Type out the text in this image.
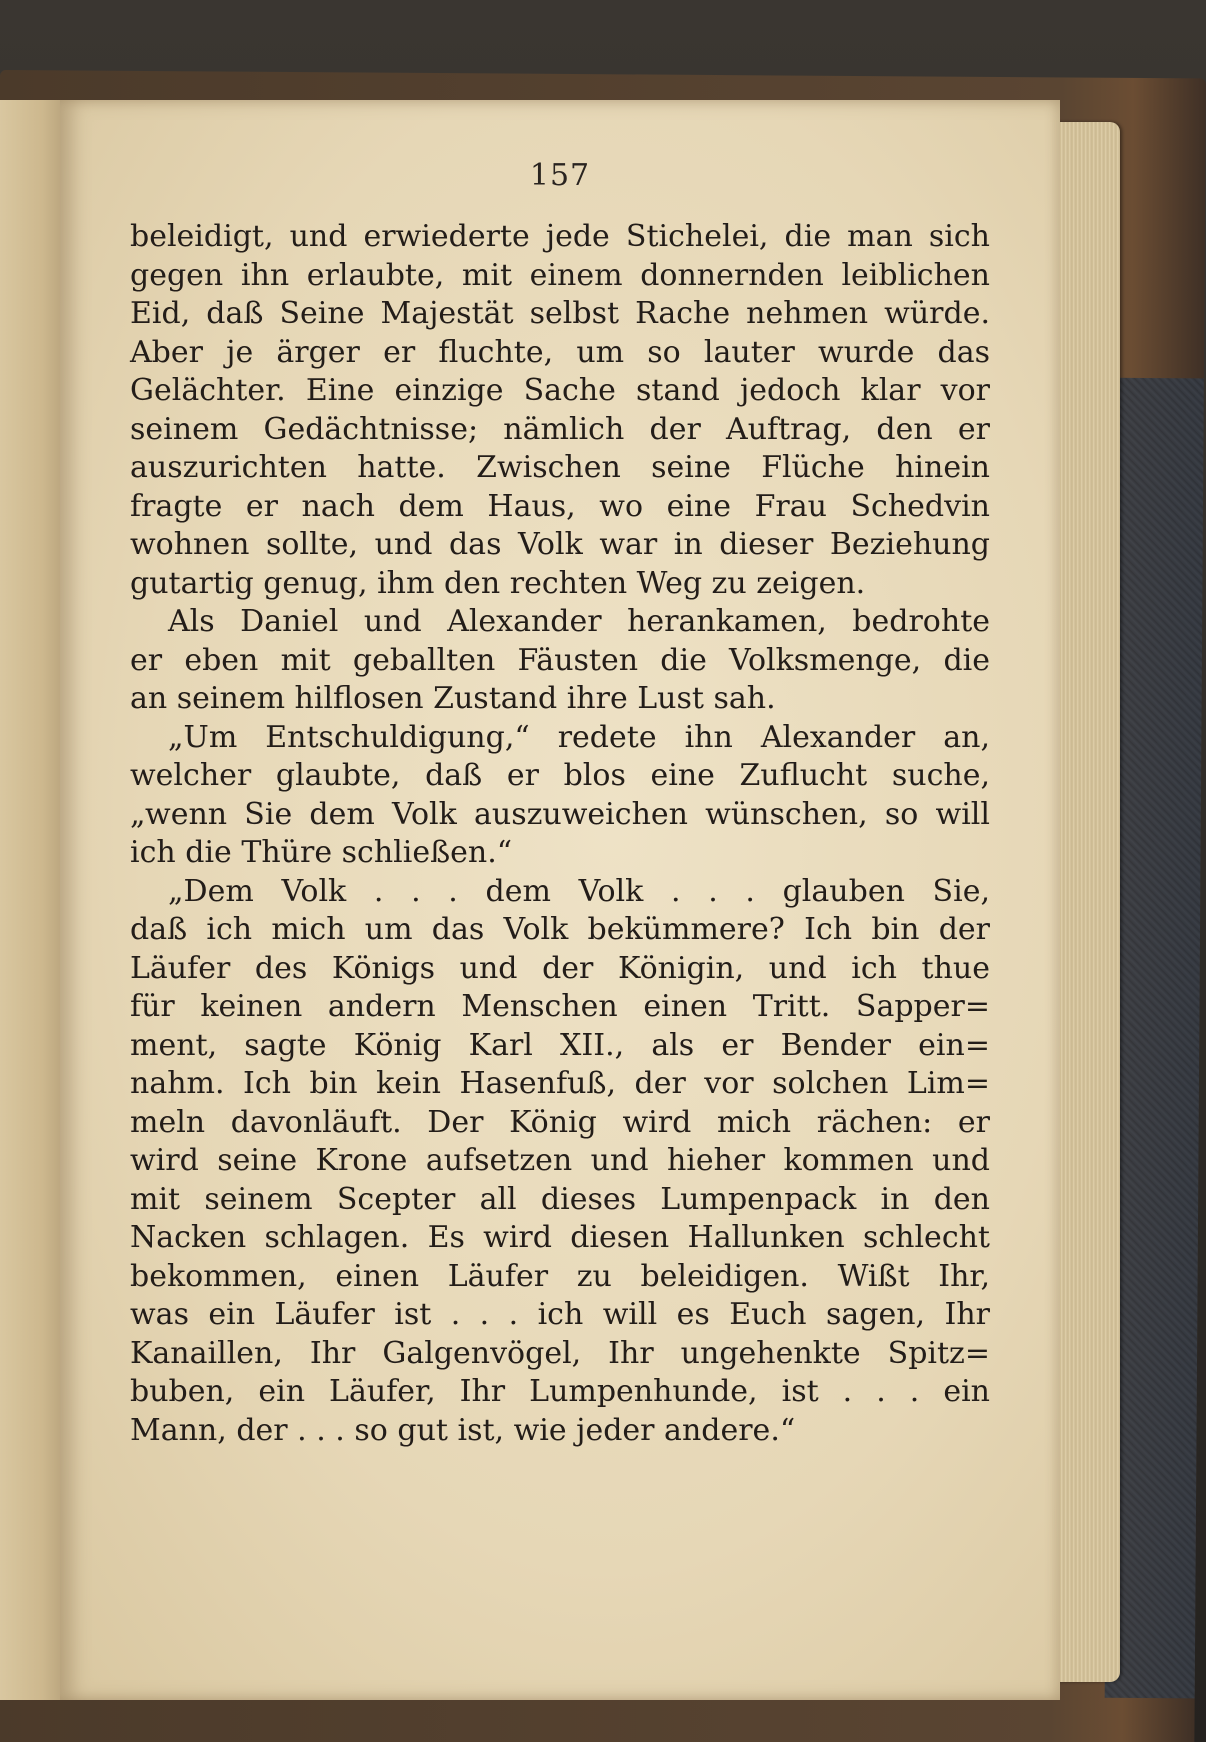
157
beleidigt, und erwiederte jede Stichelei, die man sich
gegen ihn erlaubte, mit einem donnernden leiblichen
Eid, daß Seine Majestät selbst Rache nehmen würde.
Aber je ärger er fluchte, um so lauter wurde das
Gelächter. Eine einzige Sache stand jedoch klar vor
seinem Gedächtnisse; nämlich der Auftrag, den er
auszurichten hatte. Zwischen seine Flüche hinein
fragte er nach dem Haus, wo eine Frau Schedvin
wohnen sollte, und das Volk war in dieser Beziehung
gutartig genug, ihm den rechten Weg zu zeigen.
Als Daniel und Alexander herankamen, bedrohte
er eben mit geballten Fäusten die Volksmenge, die
an seinem hilflosen Zustand ihre Lust sah.
„Um Entschuldigung,“ redete ihn Alexander an,
welcher glaubte, daß er blos eine Zuflucht suche,
„wenn Sie dem Volk auszuweichen wünschen, so will
ich die Thüre schließen.“
„Dem Volk . . . dem Volk . . . glauben Sie,
daß ich mich um das Volk bekümmere? Ich bin der
Läufer des Königs und der Königin, und ich thue
für keinen andern Menschen einen Tritt. Sapper=
ment, sagte König Karl XII., als er Bender ein=
nahm. Ich bin kein Hasenfuß, der vor solchen Lim=
meln davonläuft. Der König wird mich rächen: er
wird seine Krone aufsetzen und hieher kommen und
mit seinem Scepter all dieses Lumpenpack in den
Nacken schlagen. Es wird diesen Hallunken schlecht
bekommen, einen Läufer zu beleidigen. Wißt Ihr,
was ein Läufer ist . . . ich will es Euch sagen, Ihr
Kanaillen, Ihr Galgenvögel, Ihr ungehenkte Spitz=
buben, ein Läufer, Ihr Lumpenhunde, ist . . . ein
Mann, der . . . so gut ist, wie jeder andere.“
